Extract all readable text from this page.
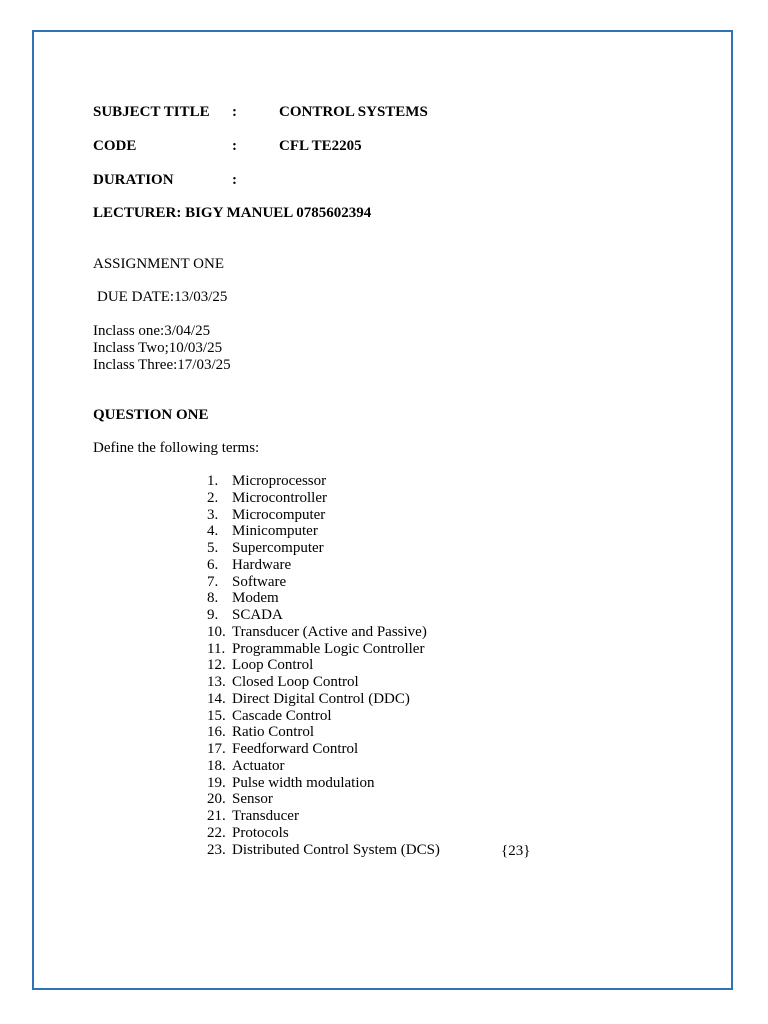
SUBJECT TITLE :	CONTROL SYSTEMS
CODE	:	CFL TE2205
DURATION	:
LECTURER: BIGY MANUEL 0785602394
ASSIGNMENT ONE
DUE DATE:13/03/25
Inclass one:3/04/25
Inclass Two;10/03/25
Inclass Three:17/03/25
QUESTION ONE
Define the following terms:
1. Microprocessor
2. Microcontroller
3. Microcomputer
4. Minicomputer
5. Supercomputer
6. Hardware
7. Software
8. Modem
9. SCADA
10. Transducer (Active and Passive)
11. Programmable Logic Controller
12. Loop Control
13. Closed Loop Control
14. Direct Digital Control (DDC)
15. Cascade Control
16. Ratio Control
17. Feedforward Control
18. Actuator
19. Pulse width modulation
20. Sensor
21. Transducer
22. Protocols
23. Distributed Control System (DCS)	{23}
